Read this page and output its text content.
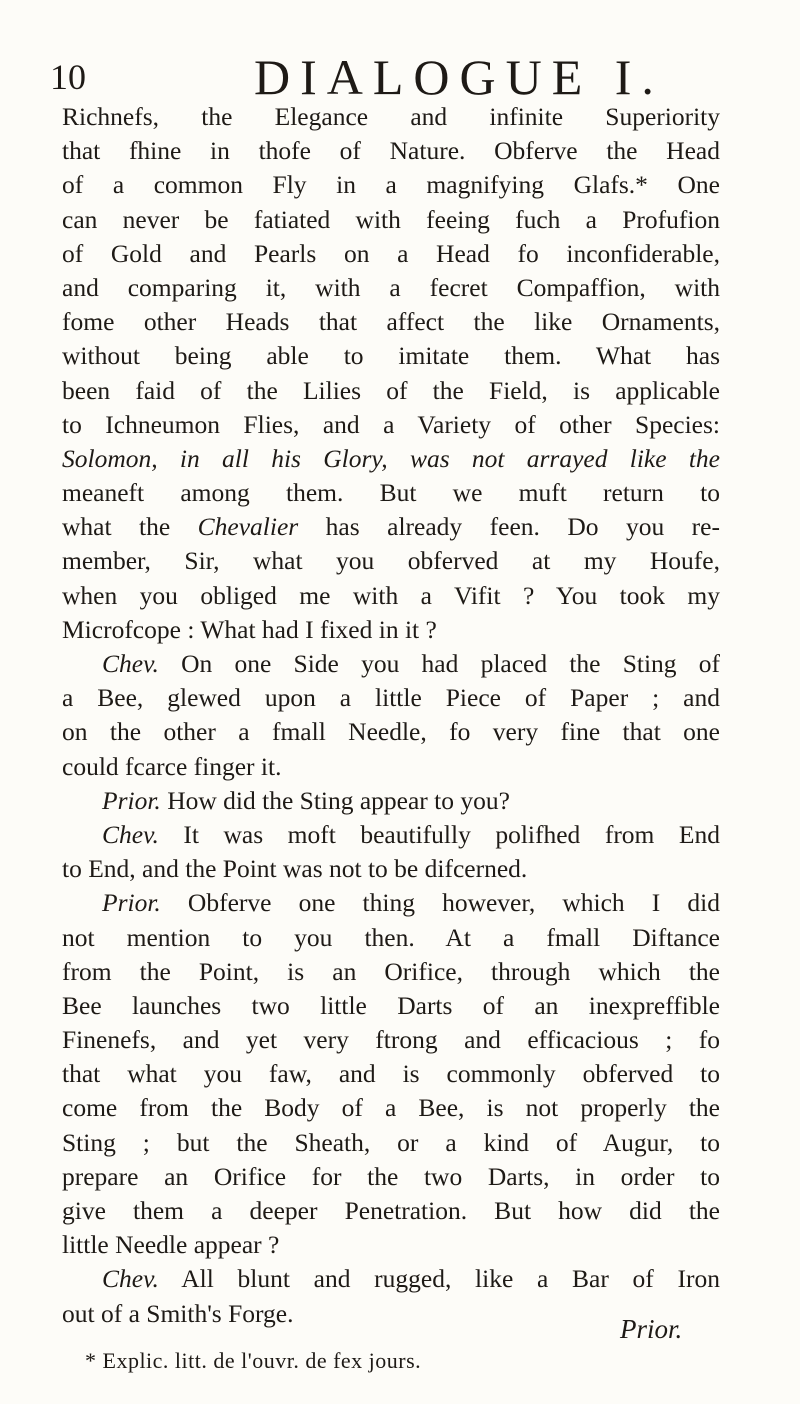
10	DIALOGUE I.
Richnefs, the Elegance and infinite Superiority
that fhine in thofe of Nature. Obferve the Head
of a common Fly in a magnifying Glafs.* One
can never be fatiated with feeing fuch a Profufion
of Gold and Pearls on a Head fo inconfiderable,
and comparing it, with a fecret Compaffion, with
fome other Heads that affect the like Ornaments,
without being able to imitate them. What has
been faid of the Lilies of the Field, is applicable
to Ichneumon Flies, and a Variety of other Species:
Solomon, in all his Glory, was not arrayed like the
meaneft among them. But we muft return to
what the Chevalier has already feen. Do you re-
member, Sir, what you obferved at my Houfe,
when you obliged me with a Vifit ? You took my
Microfcope : What had I fixed in it ?
Chev. On one Side you had placed the Sting of
a Bee, glewed upon a little Piece of Paper ; and
on the other a fmall Needle, fo very fine that one
could fcarce finger it.
Prior. How did the Sting appear to you?
Chev. It was moft beautifully polifhed from End
to End, and the Point was not to be difcerned.
Prior. Obferve one thing however, which I did
not mention to you then. At a fmall Diftance
from the Point, is an Orifice, through which the
Bee launches two little Darts of an inexpreffible
Finenefs, and yet very ftrong and efficacious ; fo
that what you faw, and is commonly obferved to
come from the Body of a Bee, is not properly the
Sting ; but the Sheath, or a kind of Augur, to
prepare an Orifice for the two Darts, in order to
give them a deeper Penetration. But how did the
little Needle appear ?
Chev. All blunt and rugged, like a Bar of Iron
out of a Smith's Forge.
Prior.
* Explic. litt. de l'ouvr. de fex jours.
